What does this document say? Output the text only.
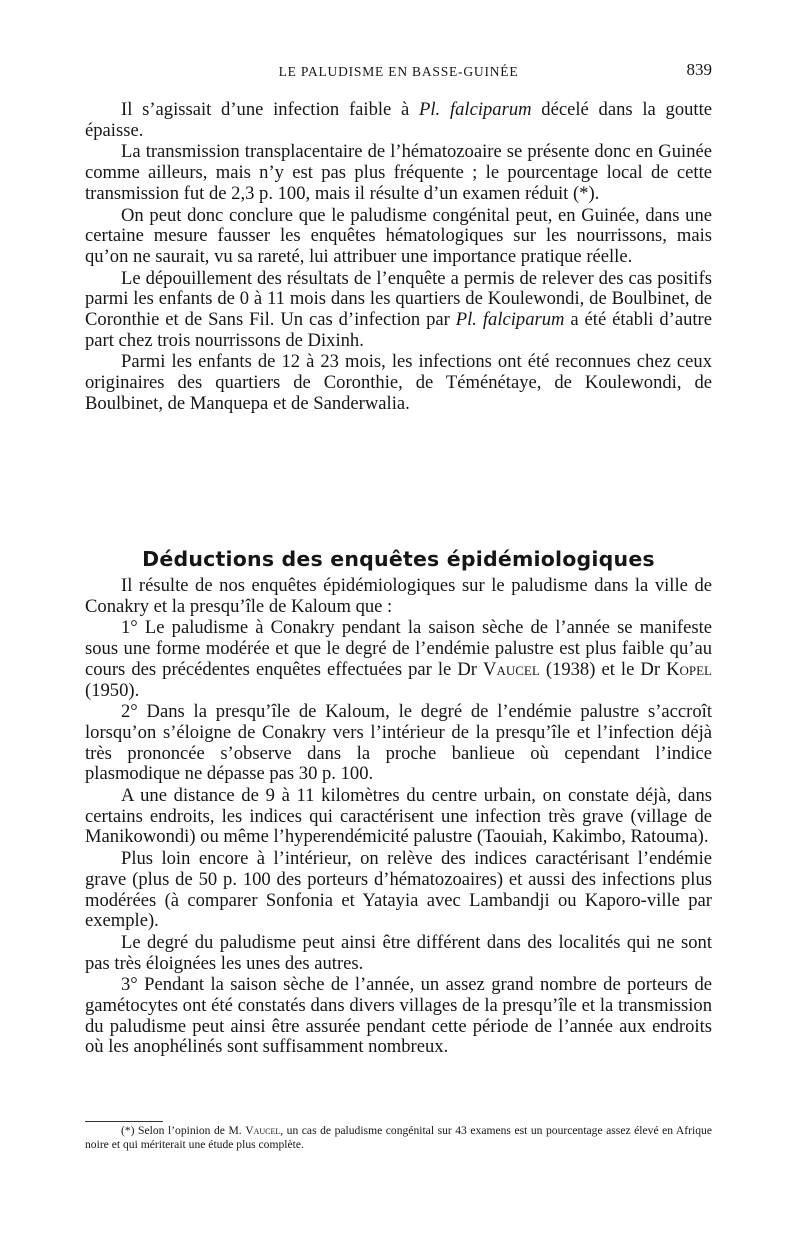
LE PALUDISME EN BASSE-GUINÉE	839

Il s’agissait d’une infection faible à Pl. falciparum décelé dans la goutte épaisse.

La transmission transplacentaire de l’hématozoaire se présente donc en Guinée comme ailleurs, mais n’y est pas plus fréquente ; le pourcentage local de cette transmission fut de 2,3 p. 100, mais il résulte d’un examen réduit (*).

On peut donc conclure que le paludisme congénital peut, en Guinée, dans une certaine mesure fausser les enquêtes hématologiques sur les nourrissons, mais qu’on ne saurait, vu sa rareté, lui attribuer une importance pratique réelle.

Le dépouillement des résultats de l’enquête a permis de relever des cas positifs parmi les enfants de 0 à 11 mois dans les quartiers de Koulewondi, de Boulbinet, de Coronthie et de Sans Fil. Un cas d’infection par Pl. falciparum a été établi d’autre part chez trois nourrissons de Dixinh.

Parmi les enfants de 12 à 23 mois, les infections ont été reconnues chez ceux originaires des quartiers de Coronthie, de Téménétaye, de Koulewondi, de Boulbinet, de Manquepa et de Sanderwalia.

Déductions des enquêtes épidémiologiques

Il résulte de nos enquêtes épidémiologiques sur le paludisme dans la ville de Conakry et la presqu’île de Kaloum que :

1° Le paludisme à Conakry pendant la saison sèche de l’année se manifeste sous une forme modérée et que le degré de l’endémie palustre est plus faible qu’au cours des précédentes enquêtes effectuées par le Dr Vaucel (1938) et le Dr Kopel (1950).

2° Dans la presqu’île de Kaloum, le degré de l’endémie palustre s’accroît lorsqu’on s’éloigne de Conakry vers l’intérieur de la presqu’île et l’infection déjà très prononcée s’observe dans la proche banlieue où cependant l’indice plasmodique ne dépasse pas 30 p. 100.

A une distance de 9 à 11 kilomètres du centre urbain, on constate déjà, dans certains endroits, les indices qui caractérisent une infection très grave (village de Manikowondi) ou même l’hyperendémicité palustre (Taouiah, Kakimbo, Ratouma).

Plus loin encore à l’intérieur, on relève des indices caractérisant l’endémie grave (plus de 50 p. 100 des porteurs d’hématozoaires) et aussi des infections plus modérées (à comparer Sonfonia et Yatayia avec Lambandji ou Kaporo-ville par exemple).

Le degré du paludisme peut ainsi être différent dans des localités qui ne sont pas très éloignées les unes des autres.

3° Pendant la saison sèche de l’année, un assez grand nombre de porteurs de gamétocytes ont été constatés dans divers villages de la presqu’île et la transmission du paludisme peut ainsi être assurée pendant cette période de l’année aux endroits où les anophélinés sont suffisamment nombreux.

(*) Selon l’opinion de M. Vaucel, un cas de paludisme congénital sur 43 examens est un pourcentage assez élevé en Afrique noire et qui mériterait une étude plus complète.
